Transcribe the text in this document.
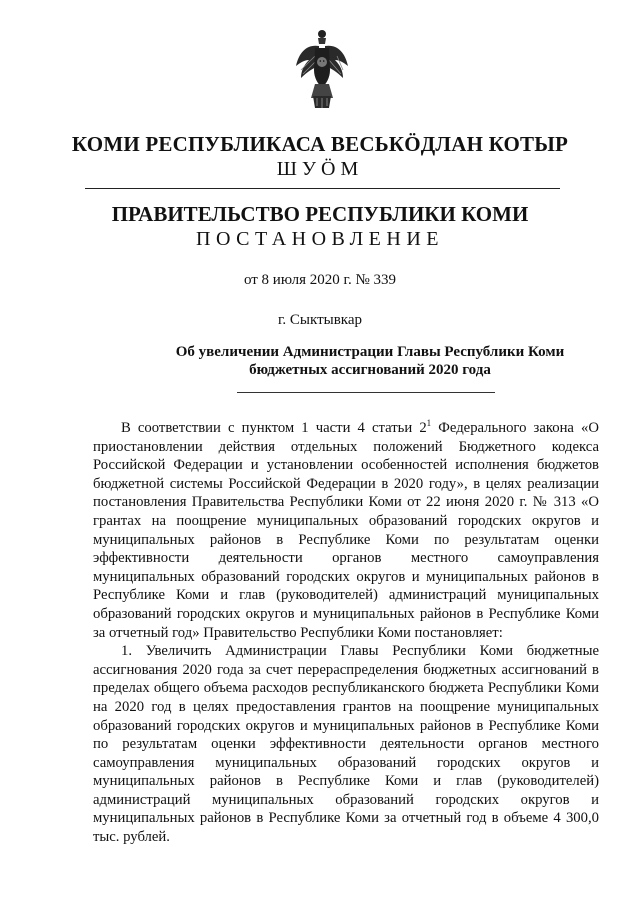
КОМИ РЕСПУБЛИКАСА ВЕСЬКӦДЛАН КОТЫР
ШУӦМ
ПРАВИТЕЛЬСТВО РЕСПУБЛИКИ КОМИ
ПОСТАНОВЛЕНИЕ
от 8 июля 2020 г. № 339
г. Сыктывкар
Об увеличении Администрации Главы Республики Коми
бюджетных ассигнований 2020 года

В соответствии с пунктом 1 части 4 статьи $2^1$ Федерального закона «О приостановлении действия отдельных положений Бюджетного кодекса Российской Федерации и установлении особенностей исполнения бюджетов бюджетной системы Российской Федерации в 2020 году», в целях реализации постановления Правительства Республики Коми от 22 июня 2020 г. № 313 «О грантах на поощрение муниципальных образований городских округов и муниципальных районов в Республике Коми по результатам оценки эффективности деятельности органов местного самоуправления муниципальных образований городских округов и муниципальных районов в Республике Коми и глав (руководителей) администраций муниципальных образований городских округов и муниципальных районов в Республике Коми за отчетный год» Правительство Республики Коми постановляет:

1. Увеличить Администрации Главы Республики Коми бюджетные ассигнования 2020 года за счет перераспределения бюджетных ассигнований в пределах общего объема расходов республиканского бюджета Республики Коми на 2020 год в целях предоставления грантов на поощрение муниципальных образований городских округов и муниципальных районов в Республике Коми по результатам оценки эффективности деятельности органов местного самоуправления муниципальных образований городских округов и муниципальных районов в Республике Коми и глав (руководителей) администраций муниципальных образований городских округов и муниципальных районов в Республике Коми за отчетный год в объеме 4 300,0 тыс. рублей.
